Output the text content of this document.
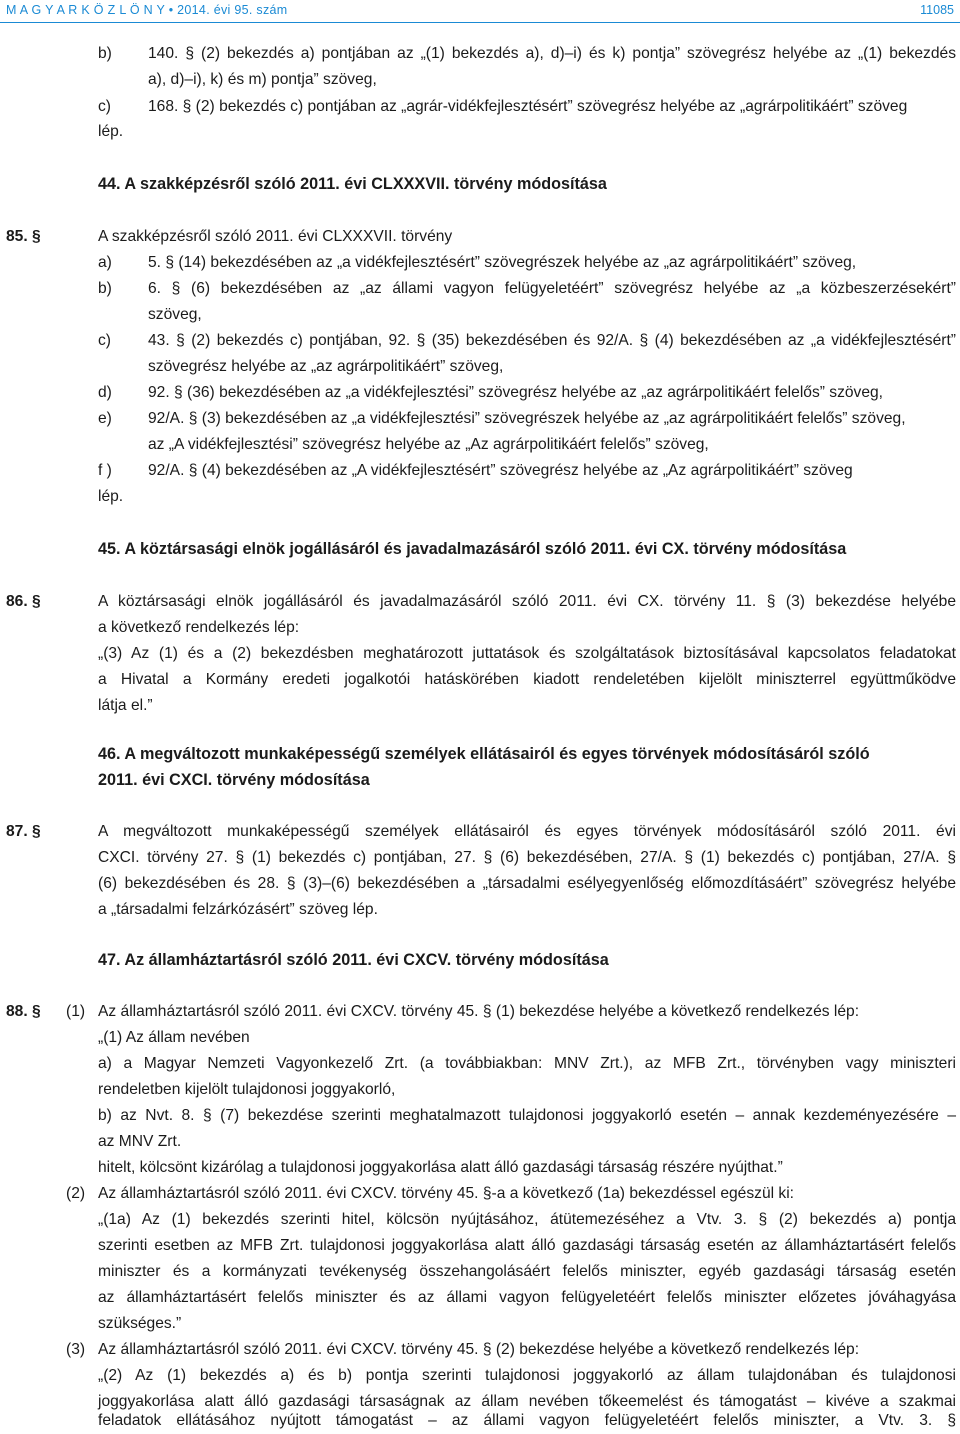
M A G Y A R K Ö Z L Ö N Y • 2014. évi 95. szám	11085
b) 140. § (2) bekezdés a) pontjában az „(1) bekezdés a), d)–i) és k) pontja” szövegrész helyébe az „(1) bekezdés
a), d)–i), k) és m) pontja” szöveg,
c) 168. § (2) bekezdés c) pontjában az „agrár-vidékfejlesztésért” szövegrész helyébe az „agrárpolitikáért” szöveg
lép.
44. A szakképzésről szóló 2011. évi CLXXXVII. törvény módosítása
85. §	A szakképzésről szóló 2011. évi CLXXXVII. törvény
a) 5. § (14) bekezdésében az „a vidékfejlesztésért” szövegrészek helyébe az „az agrárpolitikáért” szöveg,
b) 6. § (6) bekezdésében az „az állami vagyon felügyeletéért” szövegrész helyébe az „a közbeszerzésekért”
szöveg,
c) 43. § (2) bekezdés c) pontjában, 92. § (35) bekezdésében és 92/A. § (4) bekezdésében az „a vidékfejlesztésért”
szövegrész helyébe az „az agrárpolitikáért” szöveg,
d) 92. § (36) bekezdésében az „a vidékfejlesztési” szövegrész helyébe az „az agrárpolitikáért felelős” szöveg,
e) 92/A. § (3) bekezdésében az „a vidékfejlesztési” szövegrészek helyébe az „az agrárpolitikáért felelős” szöveg,
az „A vidékfejlesztési” szövegrész helyébe az „Az agrárpolitikáért felelős” szöveg,
f ) 92/A. § (4) bekezdésében az „A vidékfejlesztésért” szövegrész helyébe az „Az agrárpolitikáért” szöveg
lép.
45. A köztársasági elnök jogállásáról és javadalmazásáról szóló 2011. évi CX. törvény módosítása
86. §	A köztársasági elnök jogállásáról és javadalmazásáról szóló 2011. évi CX. törvény 11. § (3) bekezdése helyébe
a következő rendelkezés lép:
„(3) Az (1) és a (2) bekezdésben meghatározott juttatások és szolgáltatások biztosításával kapcsolatos feladatokat
a Hivatal a Kormány eredeti jogalkotói hatáskörében kiadott rendeletében kijelölt miniszterrel együttműködve
látja el.”
46. A megváltozott munkaképességű személyek ellátásairól és egyes törvények módosításáról szóló
2011. évi CXCI. törvény módosítása
87. §	A megváltozott munkaképességű személyek ellátásairól és egyes törvények módosításáról szóló 2011. évi
CXCI. törvény 27. § (1) bekezdés c) pontjában, 27. § (6) bekezdésében, 27/A. § (1) bekezdés c) pontjában, 27/A. §
(6) bekezdésében és 28. § (3)–(6) bekezdésében a „társadalmi esélyegyenlőség előmozdításáért” szövegrész helyébe
a „társadalmi felzárkózásért” szöveg lép.
47. Az államháztartásról szóló 2011. évi CXCV. törvény módosítása
88. § (1) Az államháztartásról szóló 2011. évi CXCV. törvény 45. § (1) bekezdése helyébe a következő rendelkezés lép:
„(1) Az állam nevében
a) a Magyar Nemzeti Vagyonkezelő Zrt. (a továbbiakban: MNV Zrt.), az MFB Zrt., törvényben vagy miniszteri
rendeletben kijelölt tulajdonosi joggyakorló,
b) az Nvt. 8. § (7) bekezdése szerinti meghatalmazott tulajdonosi joggyakorló esetén – annak kezdeményezésére –
az MNV Zrt.
hitelt, kölcsönt kizárólag a tulajdonosi joggyakorlása alatt álló gazdasági társaság részére nyújthat.”
(2) Az államháztartásról szóló 2011. évi CXCV. törvény 45. §-a a következő (1a) bekezdéssel egészül ki:
„(1a) Az (1) bekezdés szerinti hitel, kölcsön nyújtásához, átütemezéséhez a Vtv. 3. § (2) bekezdés a) pontja
szerinti esetben az MFB Zrt. tulajdonosi joggyakorlása alatt álló gazdasági társaság esetén az államháztartásért felelős
miniszter és a kormányzati tevékenység összehangolásáért felelős miniszter, egyéb gazdasági társaság esetén
az államháztartásért felelős miniszter és az állami vagyon felügyeletéért felelős miniszter előzetes jóváhagyása
szükséges.”
(3) Az államháztartásról szóló 2011. évi CXCV. törvény 45. § (2) bekezdése helyébe a következő rendelkezés lép:
„(2) Az (1) bekezdés a) és b) pontja szerinti tulajdonosi joggyakorló az állam tulajdonában és tulajdonosi
joggyakorlása alatt álló gazdasági társaságnak az állam nevében tőkeemelést és támogatást – kivéve a szakmai
feladatok ellátásához nyújtott támogatást – az állami vagyon felügyeletéért felelős miniszter, a Vtv. 3. §
